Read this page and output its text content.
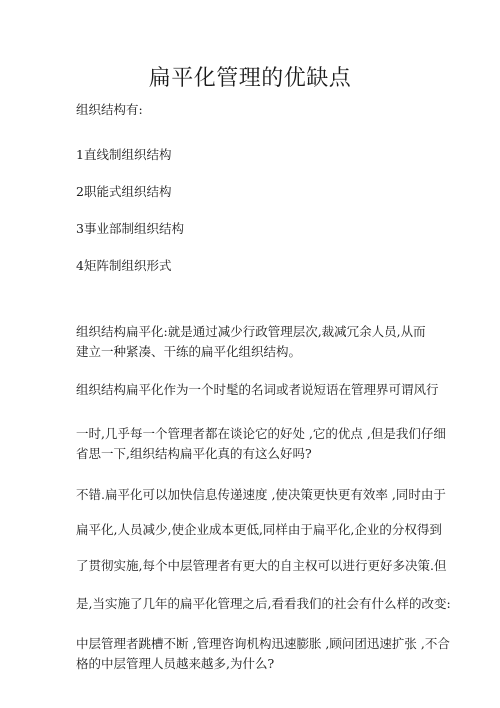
扁平化管理的优缺点
组织结构有:
1直线制组织结构
2职能式组织结构
3事业部制组织结构
4矩阵制组织形式
组织结构扁平化:就是通过减少行政管理层次,裁减冗余人员,从而
建立一种紧凑、干练的扁平化组织结构。
组织结构扁平化作为一个时髦的名词或者说短语在管理界可谓风行
一时,几乎每一个管理者都在谈论它的好处 ,它的优点 ,但是我们仔细
省思一下,组织结构扁平化真的有这么好吗?
不错.扁平化可以加快信息传递速度 ,使决策更快更有效率 ,同时由于
扁平化,人员减少,使企业成本更低,同样由于扁平化,企业的分权得到
了贯彻实施,每个中层管理者有更大的自主权可以进行更好多决策.但
是,当实施了几年的扁平化管理之后,看看我们的社会有什么样的改变:
中层管理者跳槽不断 ,管理咨询机构迅速膨胀 ,顾问团迅速扩张 ,不合
格的中层管理人员越来越多,为什么?
